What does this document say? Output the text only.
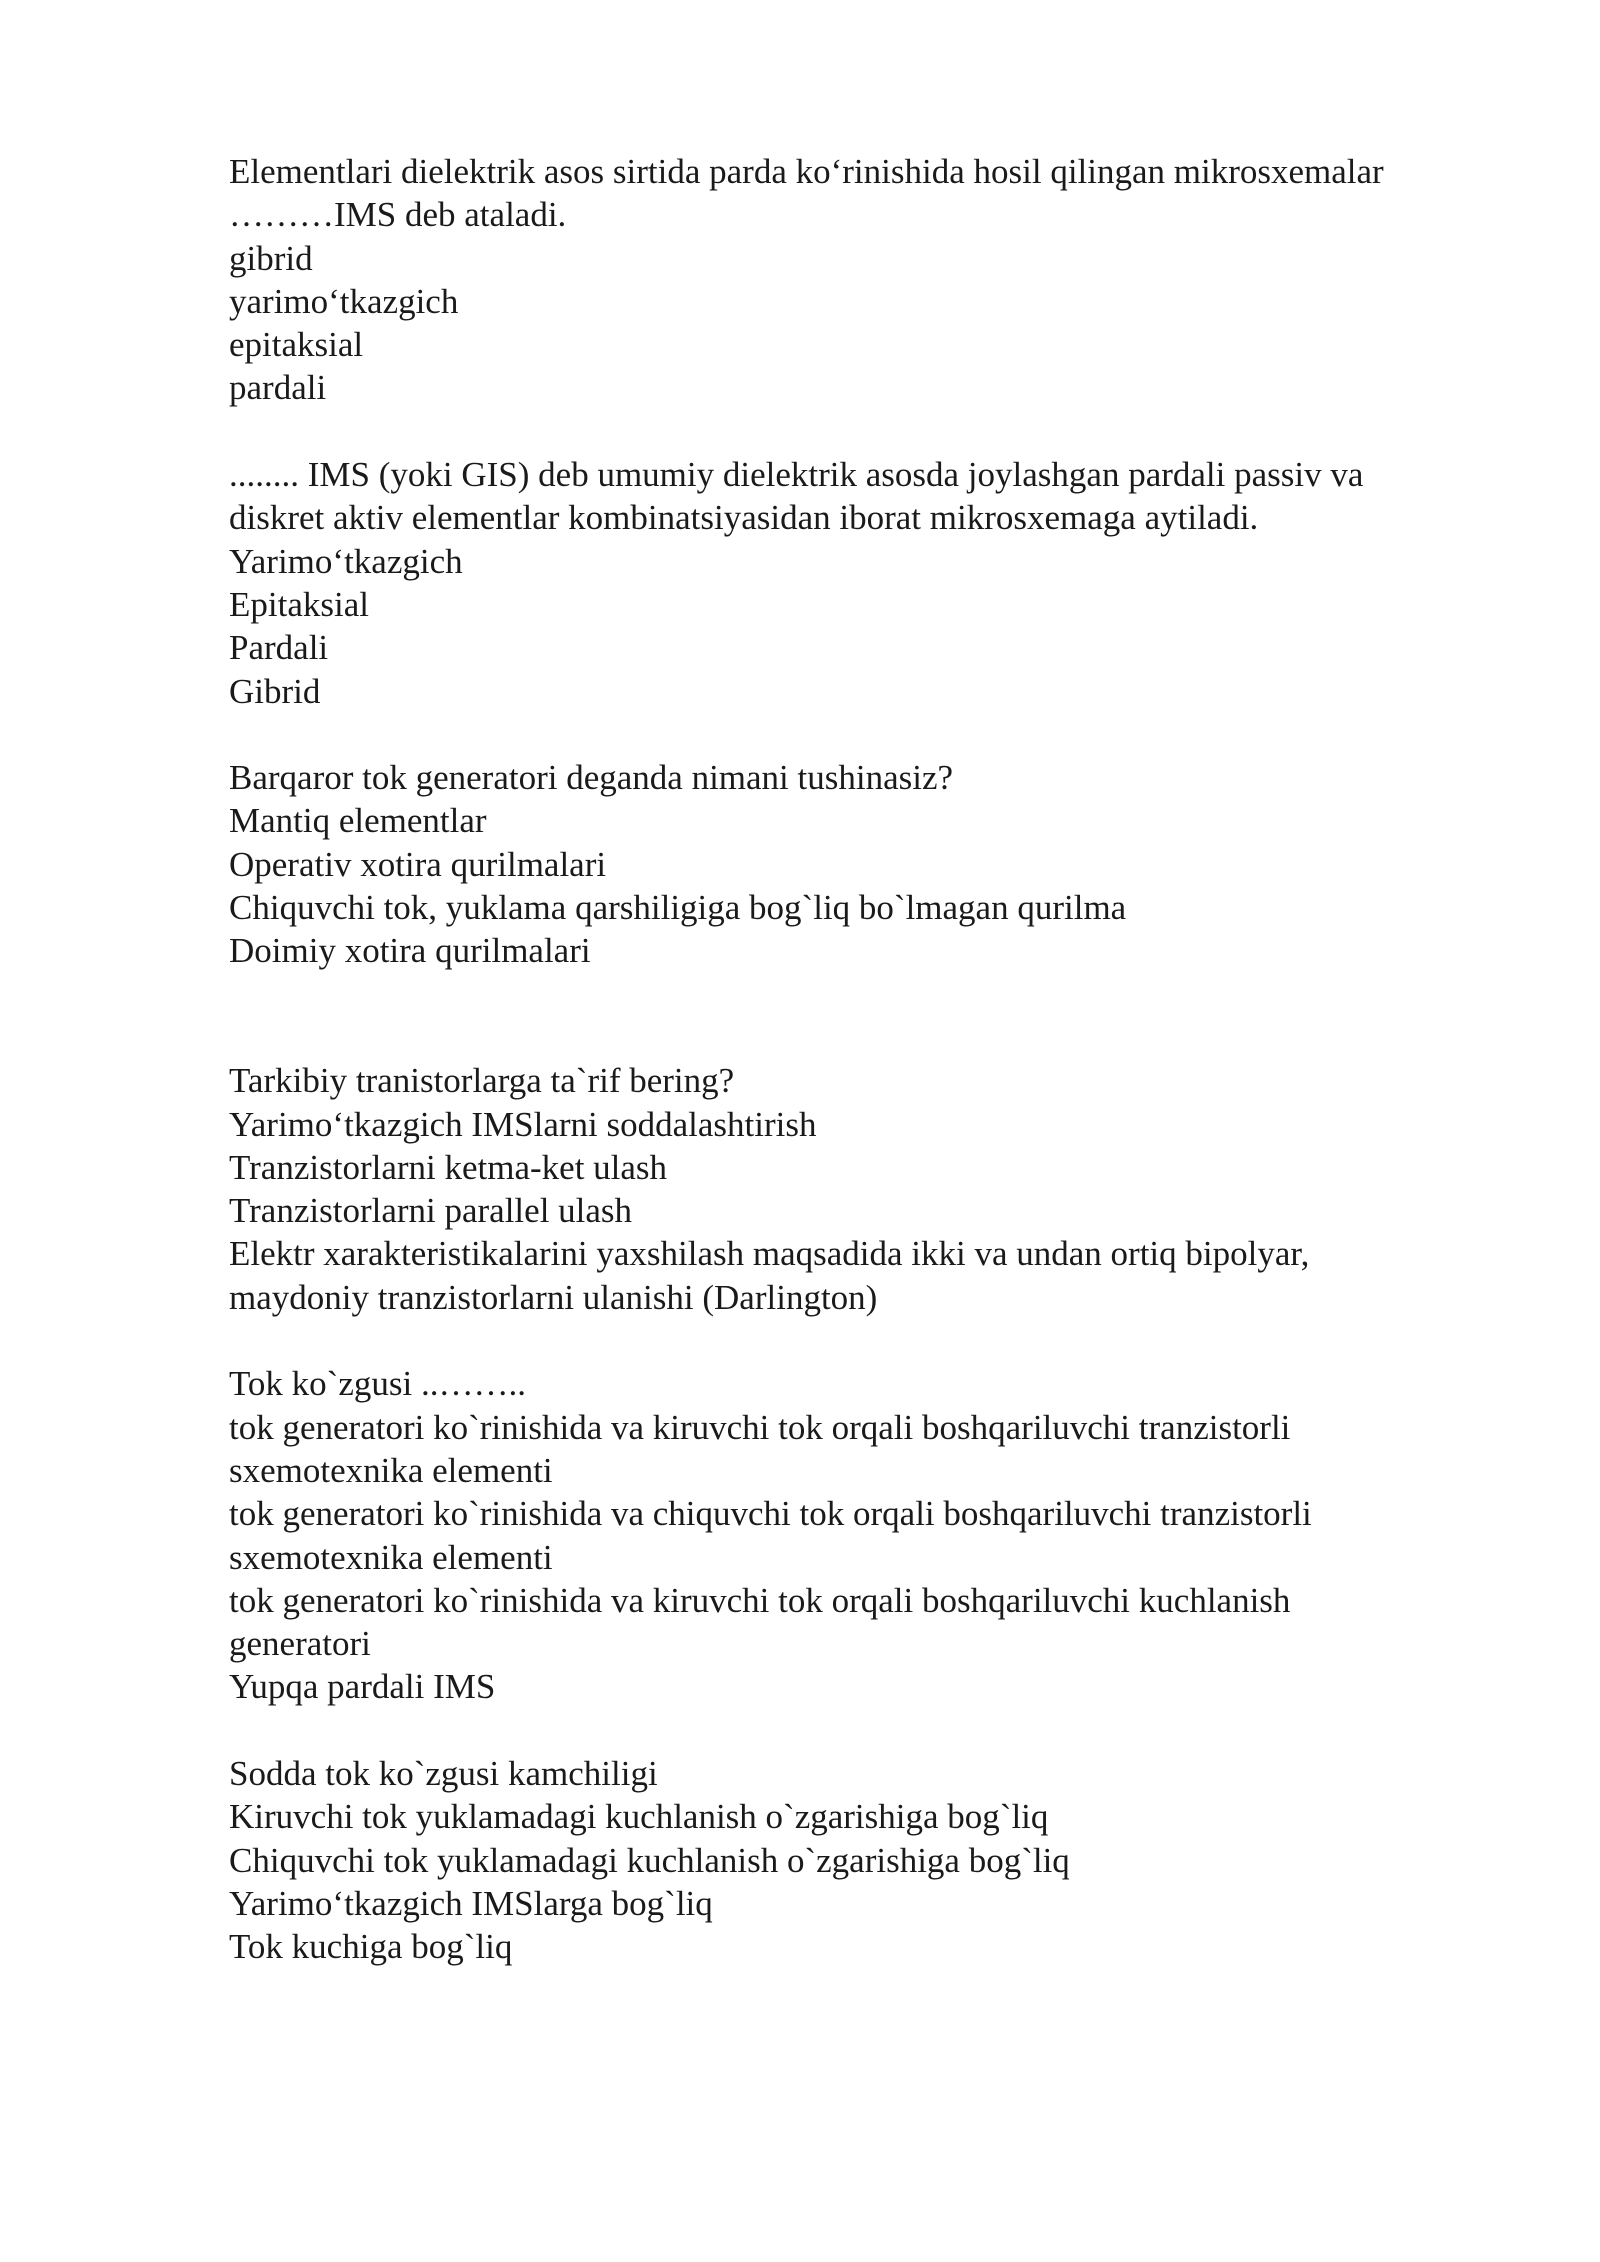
Elementlari dielektrik asos sirtida parda ko‘rinishida hosil qilingan mikrosxemalar
………IMS deb ataladi.
gibrid
yarimo‘tkazgich
epitaksial
pardali
........ IMS (yoki GIS) deb umumiy dielektrik asosda joylashgan pardali passiv va
diskret aktiv elementlar kombinatsiyasidan iborat mikrosxemaga aytiladi.
Yarimo‘tkazgich
Epitaksial
Pardali
Gibrid
Barqaror tok generatori deganda nimani tushinasiz?
Mantiq elementlar
Operativ xotira qurilmalari
Chiquvchi tok, yuklama qarshiligiga bog`liq bo`lmagan qurilma
Doimiy xotira qurilmalari
Tarkibiy tranistorlarga ta`rif bering?
Yarimo‘tkazgich IMSlarni soddalashtirish
Tranzistorlarni ketma-ket ulash
Tranzistorlarni parallel ulash
Elektr xarakteristikalarini yaxshilash maqsadida ikki va undan ortiq bipolyar,
maydoniy tranzistorlarni ulanishi (Darlington)
Tok ko`zgusi ..……..
tok generatori ko`rinishida va kiruvchi tok orqali boshqariluvchi tranzistorli
sxemotexnika elementi
tok generatori ko`rinishida va chiquvchi tok orqali boshqariluvchi tranzistorli
sxemotexnika elementi
tok generatori ko`rinishida va kiruvchi tok orqali boshqariluvchi kuchlanish
generatori
Yupqa pardali IMS
Sodda tok ko`zgusi kamchiligi
Kiruvchi tok yuklamadagi kuchlanish o`zgarishiga bog`liq
Chiquvchi tok yuklamadagi kuchlanish o`zgarishiga bog`liq
Yarimo‘tkazgich IMSlarga bog`liq
Tok kuchiga bog`liq
